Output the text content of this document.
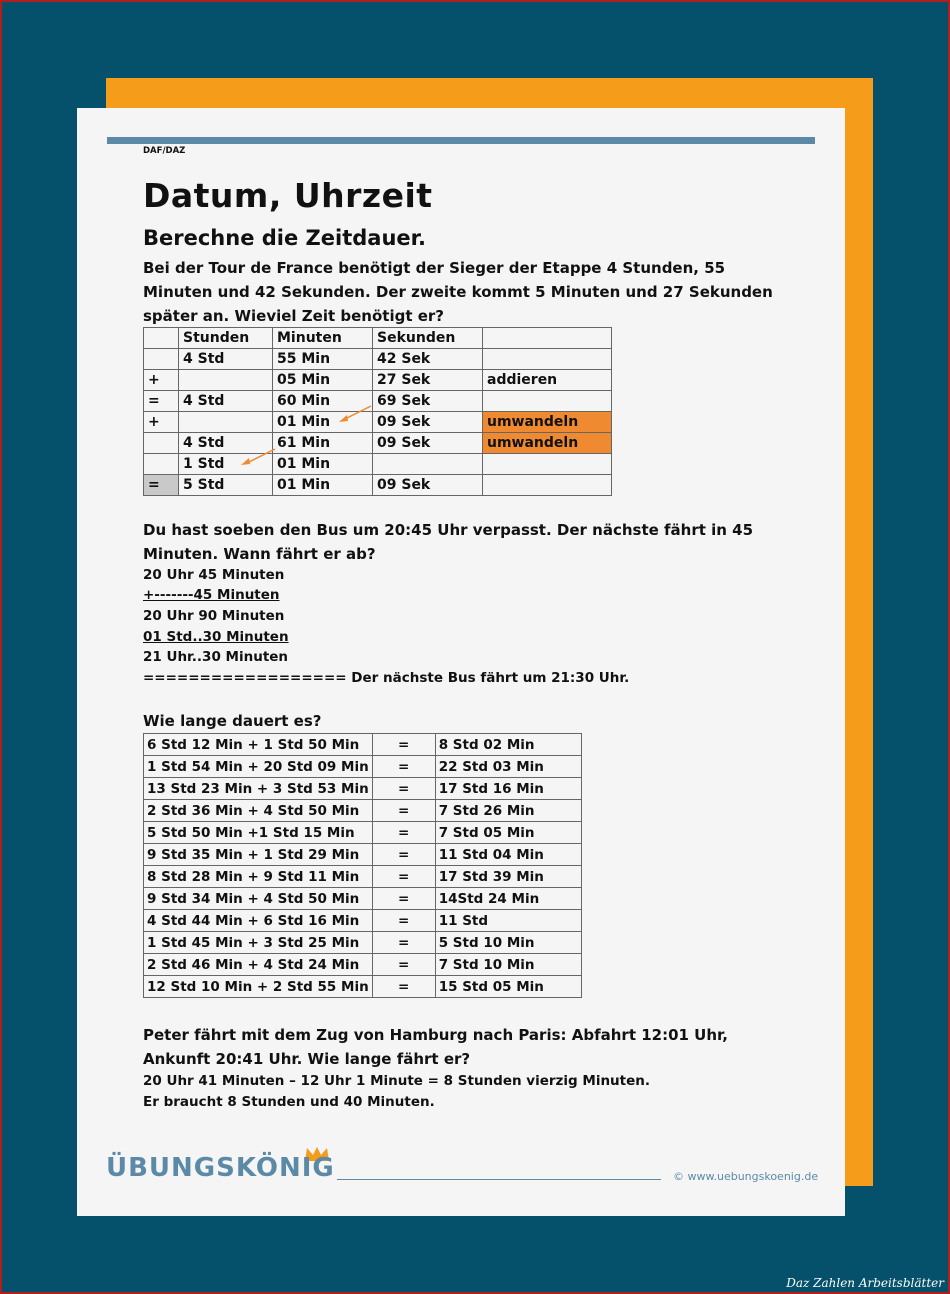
DAF/DAZ
Datum, Uhrzeit
Berechne die Zeitdauer.
Bei der Tour de France benötigt der Sieger der Etappe 4 Stunden, 55 Minuten und 42 Sekunden. Der zweite kommt 5 Minuten und 27 Sekunden später an. Wieviel Zeit benötigt er?
	Stunden	Minuten	Sekunden	
	4 Std	55 Min	42 Sek	
+		05 Min	27 Sek	addieren
=	4 Std	60 Min	69 Sek	
+		01 Min	09 Sek	umwandeln
	4 Std	61 Min	09 Sek	umwandeln
	1 Std	01 Min		
=	5 Std	01 Min	09 Sek	
Du hast soeben den Bus um 20:45 Uhr verpasst. Der nächste fährt in 45 Minuten. Wann fährt er ab?
20 Uhr 45 Minuten
+-------45 Minuten
20 Uhr 90 Minuten
01 Std..30 Minuten
21 Uhr..30 Minuten
================== Der nächste Bus fährt um 21:30 Uhr.
Wie lange dauert es?
6 Std 12 Min + 1 Std 50 Min	=	8 Std 02 Min
1 Std 54 Min + 20 Std 09 Min	=	22 Std 03 Min
13 Std 23 Min + 3 Std 53 Min	=	17 Std 16 Min
2 Std 36 Min + 4 Std 50 Min	=	7 Std 26 Min
5 Std 50 Min +1 Std 15 Min	=	7 Std 05 Min
9 Std 35 Min + 1 Std 29 Min	=	11 Std 04 Min
8 Std 28 Min + 9 Std 11 Min	=	17 Std 39 Min
9 Std 34 Min + 4 Std 50 Min	=	14Std 24 Min
4 Std 44 Min + 6 Std 16 Min	=	11 Std
1 Std 45 Min + 3 Std 25 Min	=	5 Std 10 Min
2 Std 46 Min + 4 Std 24 Min	=	7 Std 10 Min
12 Std 10 Min + 2 Std 55 Min	=	15 Std 05 Min
Peter fährt mit dem Zug von Hamburg nach Paris: Abfahrt 12:01 Uhr, Ankunft 20:41 Uhr. Wie lange fährt er?
20 Uhr 41 Minuten – 12 Uhr 1 Minute = 8 Stunden vierzig Minuten.
Er braucht 8 Stunden und 40 Minuten.
ÜBUNGSKÖNIG	© www.uebungskoenig.de
Daz Zahlen Arbeitsblätter
